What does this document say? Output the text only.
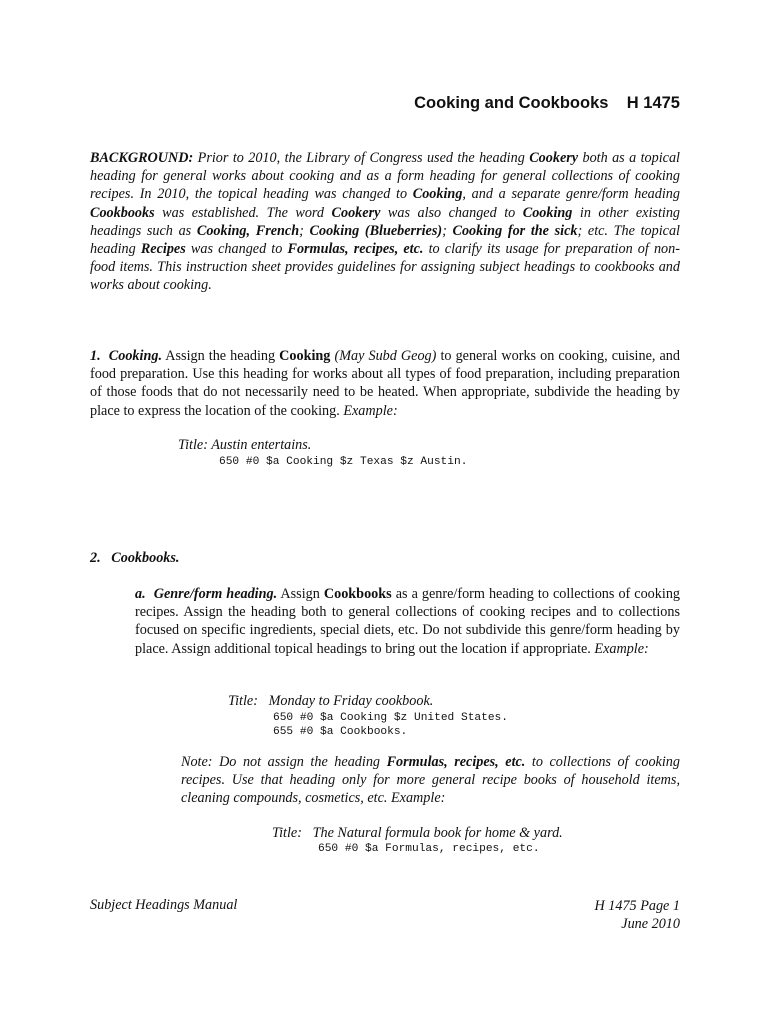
Cooking and Cookbooks    H 1475

BACKGROUND: Prior to 2010, the Library of Congress used the heading Cookery both as a topical heading for general works about cooking and as a form heading for general collections of cooking recipes. In 2010, the topical heading was changed to Cooking, and a separate genre/form heading Cookbooks was established. The word Cookery was also changed to Cooking in other existing headings such as Cooking, French; Cooking (Blueberries); Cooking for the sick; etc. The topical heading Recipes was changed to Formulas, recipes, etc. to clarify its usage for preparation of non-food items. This instruction sheet provides guidelines for assigning subject headings to cookbooks and works about cooking.

1. Cooking. Assign the heading Cooking (May Subd Geog) to general works on cooking, cuisine, and food preparation. Use this heading for works about all types of food preparation, including preparation of those foods that do not necessarily need to be heated. When appropriate, subdivide the heading by place to express the location of the cooking. Example:

Title: Austin entertains.
650 #0 $a Cooking $z Texas $z Austin.
2. Cookbooks.

a. Genre/form heading. Assign Cookbooks as a genre/form heading to collections of cooking recipes. Assign the heading both to general collections of cooking recipes and to collections focused on specific ingredients, special diets, etc. Do not subdivide this genre/form heading by place. Assign additional topical headings to bring out the location if appropriate. Example:

Title:   Monday to Friday cookbook.
650 #0 $a Cooking $z United States.
655 #0 $a Cookbooks.

Note: Do not assign the heading Formulas, recipes, etc. to collections of cooking recipes. Use that heading only for more general recipe books of household items, cleaning compounds, cosmetics, etc. Example:

Title:   The Natural formula book for home & yard.
650 #0 $a Formulas, recipes, etc.
Subject Headings Manual	H 1475 Page 1
June 2010
